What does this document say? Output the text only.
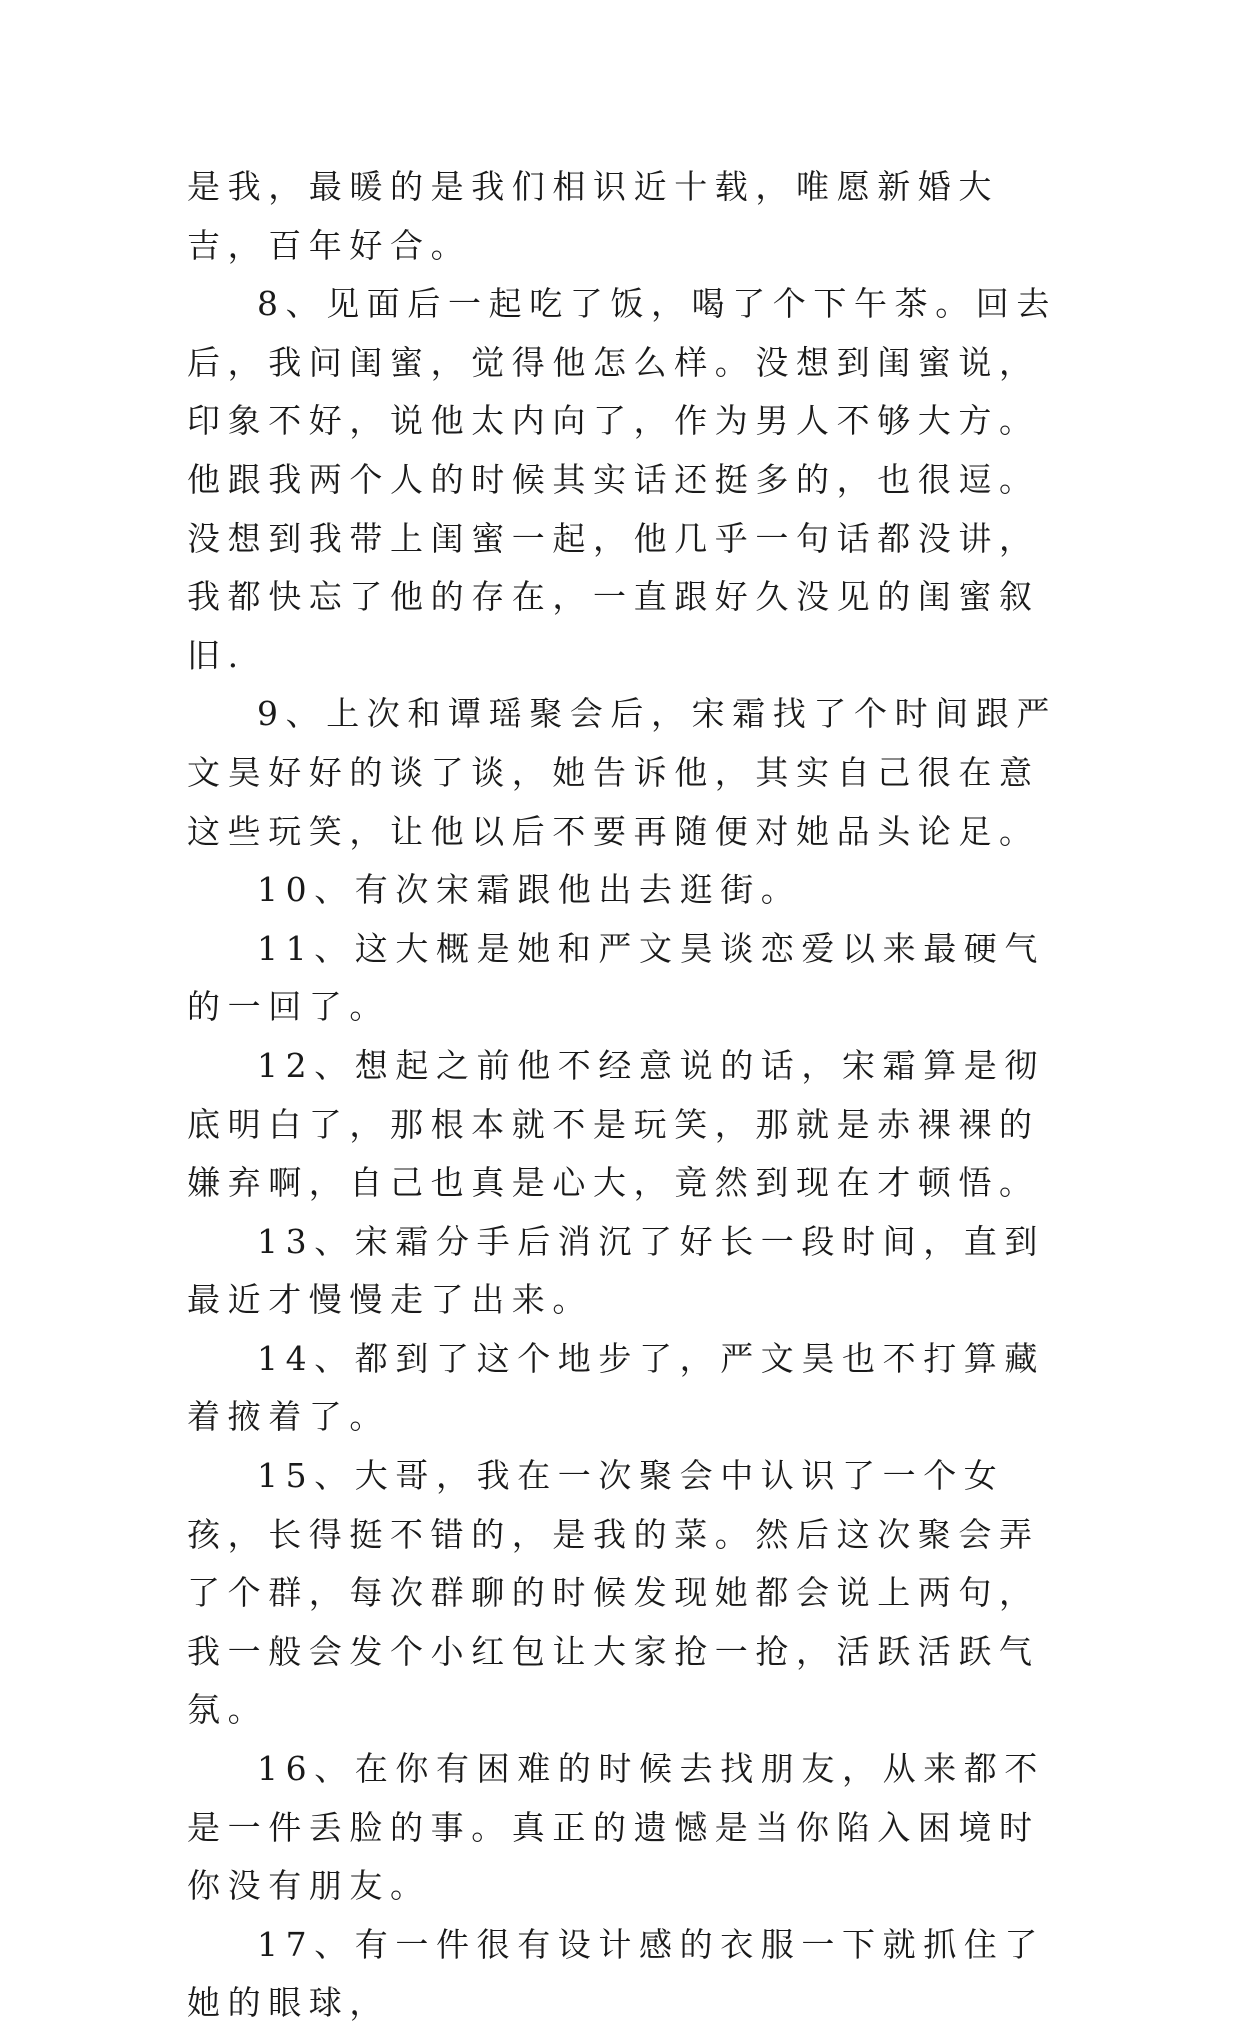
是我，最暖的是我们相识近十载，唯愿新婚大吉，百年好合。

8、见面后一起吃了饭，喝了个下午茶。回去后，我问闺蜜，觉得他怎么样。没想到闺蜜说，印象不好，说他太内向了，作为男人不够大方。他跟我两个人的时候其实话还挺多的，也很逗。没想到我带上闺蜜一起，他几乎一句话都没讲，我都快忘了他的存在，一直跟好久没见的闺蜜叙旧.

9、上次和谭瑶聚会后，宋霜找了个时间跟严文昊好好的谈了谈，她告诉他，其实自己很在意这些玩笑，让他以后不要再随便对她品头论足。

10、有次宋霜跟他出去逛街。

11、这大概是她和严文昊谈恋爱以来最硬气的一回了。

12、想起之前他不经意说的话，宋霜算是彻底明白了，那根本就不是玩笑，那就是赤裸裸的嫌弃啊，自己也真是心大，竟然到现在才顿悟。

13、宋霜分手后消沉了好长一段时间，直到最近才慢慢走了出来。

14、都到了这个地步了，严文昊也不打算藏着掖着了。

15、大哥，我在一次聚会中认识了一个女孩，长得挺不错的，是我的菜。然后这次聚会弄了个群，每次群聊的时候发现她都会说上两句，我一般会发个小红包让大家抢一抢，活跃活跃气氛。

16、在你有困难的时候去找朋友，从来都不是一件丢脸的事。真正的遗憾是当你陷入困境时你没有朋友。

17、有一件很有设计感的衣服一下就抓住了她的眼球，
